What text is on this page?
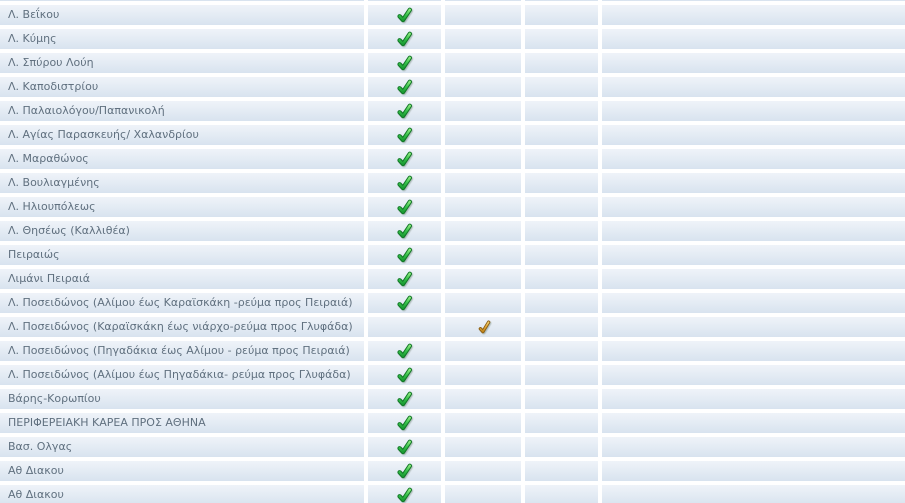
Λ. Βεΐκου
Λ. Κύμης
Λ. Σπύρου Λούη
Λ. Καποδιστρίου
Λ. Παλαιολόγου/Παπανικολή
Λ. Αγίας Παρασκευής/ Χαλανδρίου
Λ. Μαραθώνος
Λ. Βουλιαγμένης
Λ. Ηλιουπόλεως
Λ. Θησέως (Καλλιθέα)
Πειραιώς
Λιμάνι Πειραιά
Λ. Ποσειδώνος (Αλίμου έως Καραϊσκάκη -ρεύμα προς Πειραιά)
Λ. Ποσειδώνος (Καραϊσκάκη έως νιάρχο-ρεύμα προς Γλυφάδα)
Λ. Ποσειδώνος (Πηγαδάκια έως Αλίμου - ρεύμα προς Πειραιά)
Λ. Ποσειδώνος (Αλίμου έως Πηγαδάκια- ρεύμα προς Γλυφάδα)
Βάρης-Κορωπίου
ΠΕΡΙΦΕΡΕΙΑΚΗ ΚΑΡΕΑ ΠΡΟΣ ΑΘΗΝΑ
Βασ. Ολγας
Αθ Διακου
Αθ Διακου
